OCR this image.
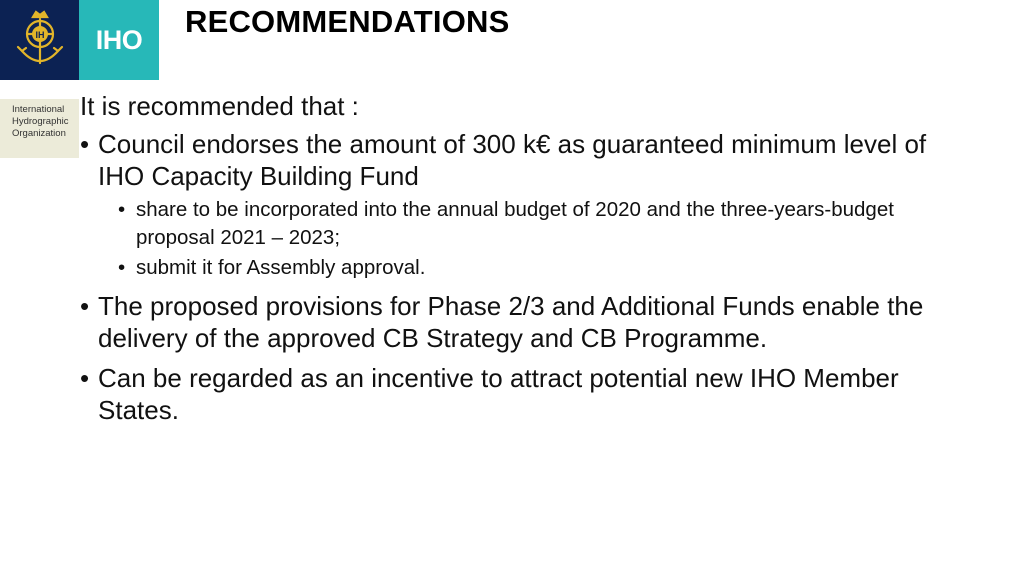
IH IHO
International
Hydrographic
Organization
RECOMMENDATIONS
It is recommended that :
• Council endorses the amount of 300 k€ as guaranteed minimum level of IHO Capacity Building Fund
• share to be incorporated into the annual budget of 2020 and the three-years-budget proposal 2021 – 2023;
• submit it for Assembly approval.
• The proposed provisions for Phase 2/3 and Additional Funds enable the delivery of the approved CB Strategy and CB Programme.
• Can be regarded as an incentive to attract potential new IHO Member States.
